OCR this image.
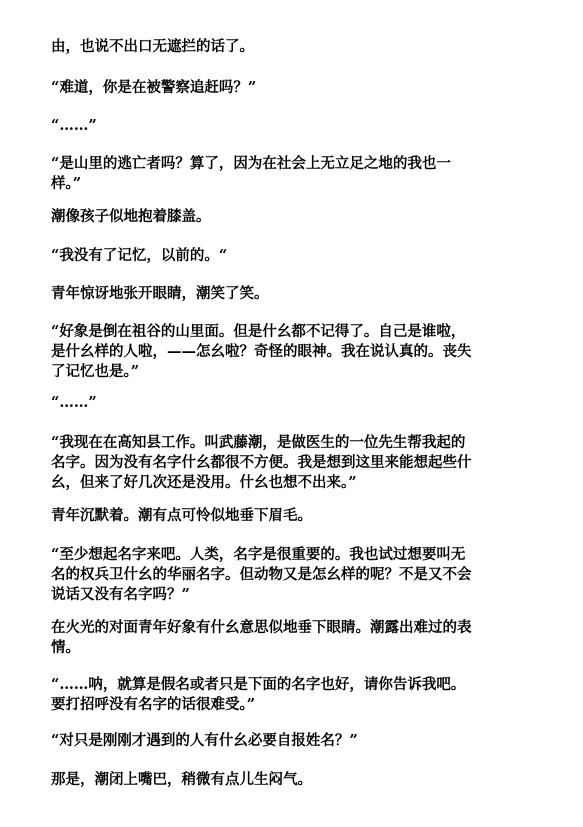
由，也说不出口无遮拦的话了。

“难道，你是在被警察追赶吗？”

“……”

“是山里的逃亡者吗？算了，因为在社会上无立足之地的我也一
样。”

潮像孩子似地抱着膝盖。

“我没有了记忆，以前的。“

青年惊讶地张开眼睛，潮笑了笑。

“好象是倒在祖谷的山里面。但是什幺都不记得了。自己是谁啦，
是什幺样的人啦，——怎幺啦？奇怪的眼神。我在说认真的。丧失
了记忆也是。”

“……”

“我现在在高知县工作。叫武藤潮，是做医生的一位先生帮我起的
名字。因为没有名字什幺都很不方便。我是想到这里来能想起些什
幺，但来了好几次还是没用。什幺也想不出来。”

青年沉默着。潮有点可怜似地垂下眉毛。

“至少想起名字来吧。人类，名字是很重要的。我也试过想要叫无
名的权兵卫什幺的华丽名字。但动物又是怎幺样的呢？不是又不会
说话又没有名字吗？”

在火光的对面青年好象有什幺意思似地垂下眼睛。潮露出难过的表
情。

“……呐，就算是假名或者只是下面的名字也好，请你告诉我吧。
要打招呼没有名字的话很难受。”

“对只是刚刚才遇到的人有什幺必要自报姓名？”

那是，潮闭上嘴巴，稍微有点儿生闷气。
